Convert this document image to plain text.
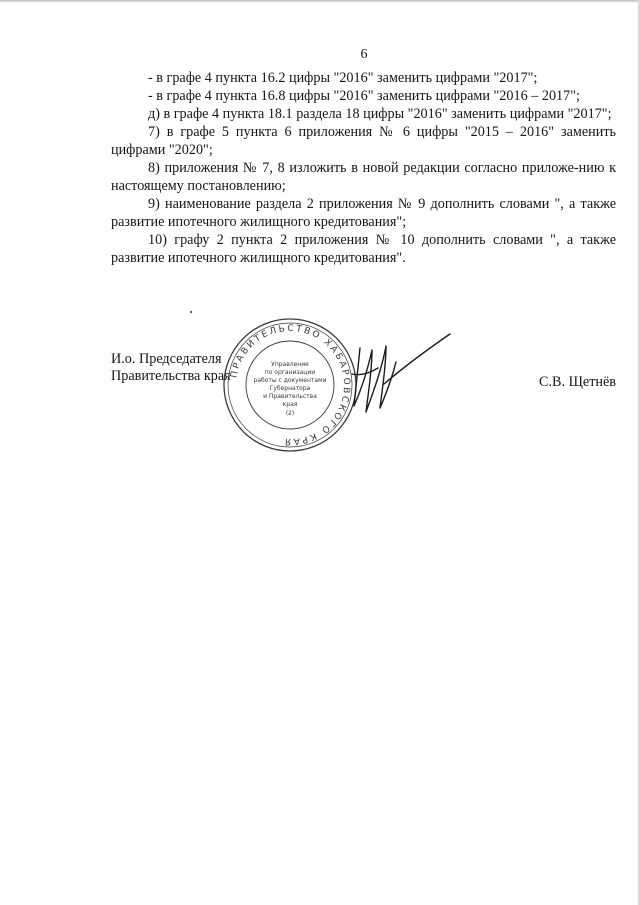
6

- в графе 4 пункта 16.2 цифры "2016" заменить цифрами "2017";

- в графе 4 пункта 16.8 цифры "2016" заменить цифрами "2016 – 2017";

д) в графе 4 пункта 18.1 раздела 18 цифры "2016" заменить цифрами "2017";

7) в графе 5 пункта 6 приложения № 6 цифры "2015 – 2016" заменить цифрами "2020";

8) приложения № 7, 8 изложить в новой редакции согласно приложе-нию к настоящему постановлению;

9) наименование раздела 2 приложения № 9 дополнить словами ", а также развитие ипотечного жилищного кредитования";

10) графу 2 пункта 2 приложения № 10 дополнить словами ", а также развитие ипотечного жилищного кредитования".

И.о. Председателя
Правительства края	С.В. Щетнёв
ПРАВИТЕЛЬСТВО ХАБАРОВСКОГО КРАЯ
Управление
по организации
работы с документами
Губернатора
и Правительства
края
(2)
